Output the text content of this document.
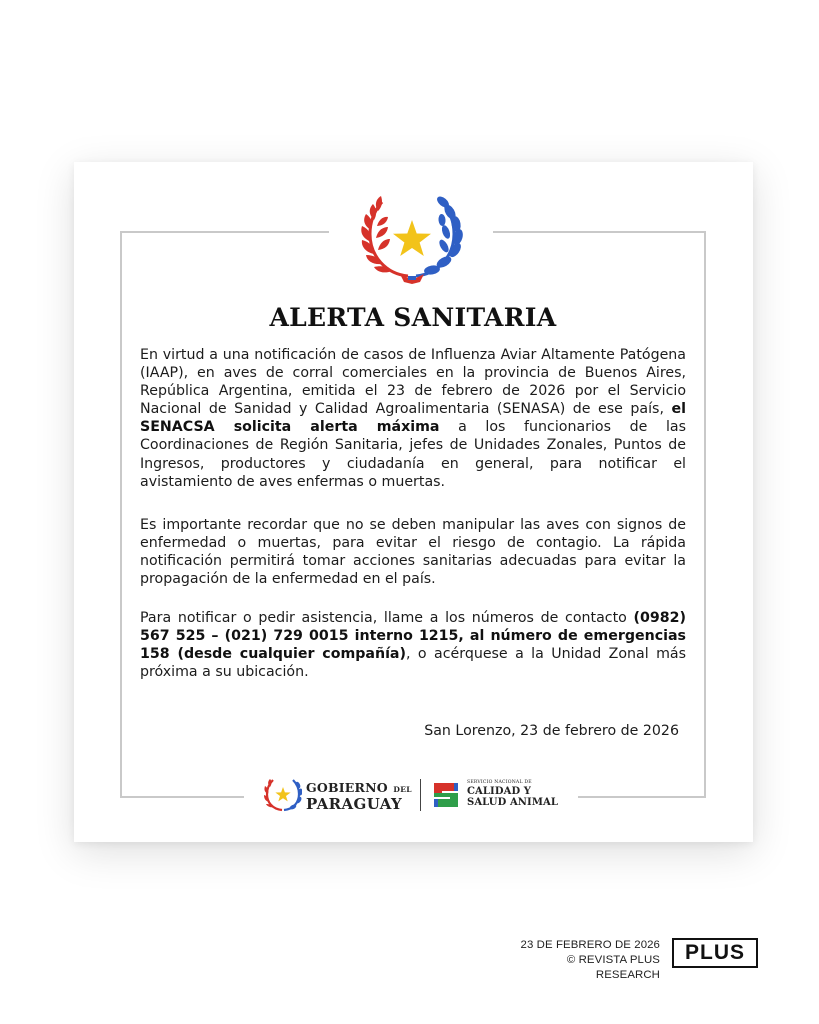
ALERTA SANITARIA

En virtud a una notificación de casos de Influenza Aviar Altamente Patógena (IAAP), en aves de corral comerciales en la provincia de Buenos Aires, República Argentina, emitida el 23 de febrero de 2026 por el Servicio Nacional de Sanidad y Calidad Agroalimentaria (SENASA) de ese país, el SENACSA solicita alerta máxima a los funcionarios de las Coordinaciones de Región Sanitaria, jefes de Unidades Zonales, Puntos de Ingresos, productores y ciudadanía en general, para notificar el avistamiento de aves enfermas o muertas.

Es importante recordar que no se deben manipular las aves con signos de enfermedad o muertas, para evitar el riesgo de contagio. La rápida notificación permitirá tomar acciones sanitarias adecuadas para evitar la propagación de la enfermedad en el país.

Para notificar o pedir asistencia, llame a los números de contacto (0982) 567 525 – (021) 729 0015 interno 1215, al número de emergencias 158 (desde cualquier compañía), o acérquese a la Unidad Zonal más próxima a su ubicación.

San Lorenzo, 23 de febrero de 2026
GOBIERNO DEL
PARAGUAY
SERVICIO NACIONAL DE
CALIDAD Y
SALUD ANIMAL
23 DE FEBRERO DE 2026
© REVISTA PLUS RESEARCH
PLUS
